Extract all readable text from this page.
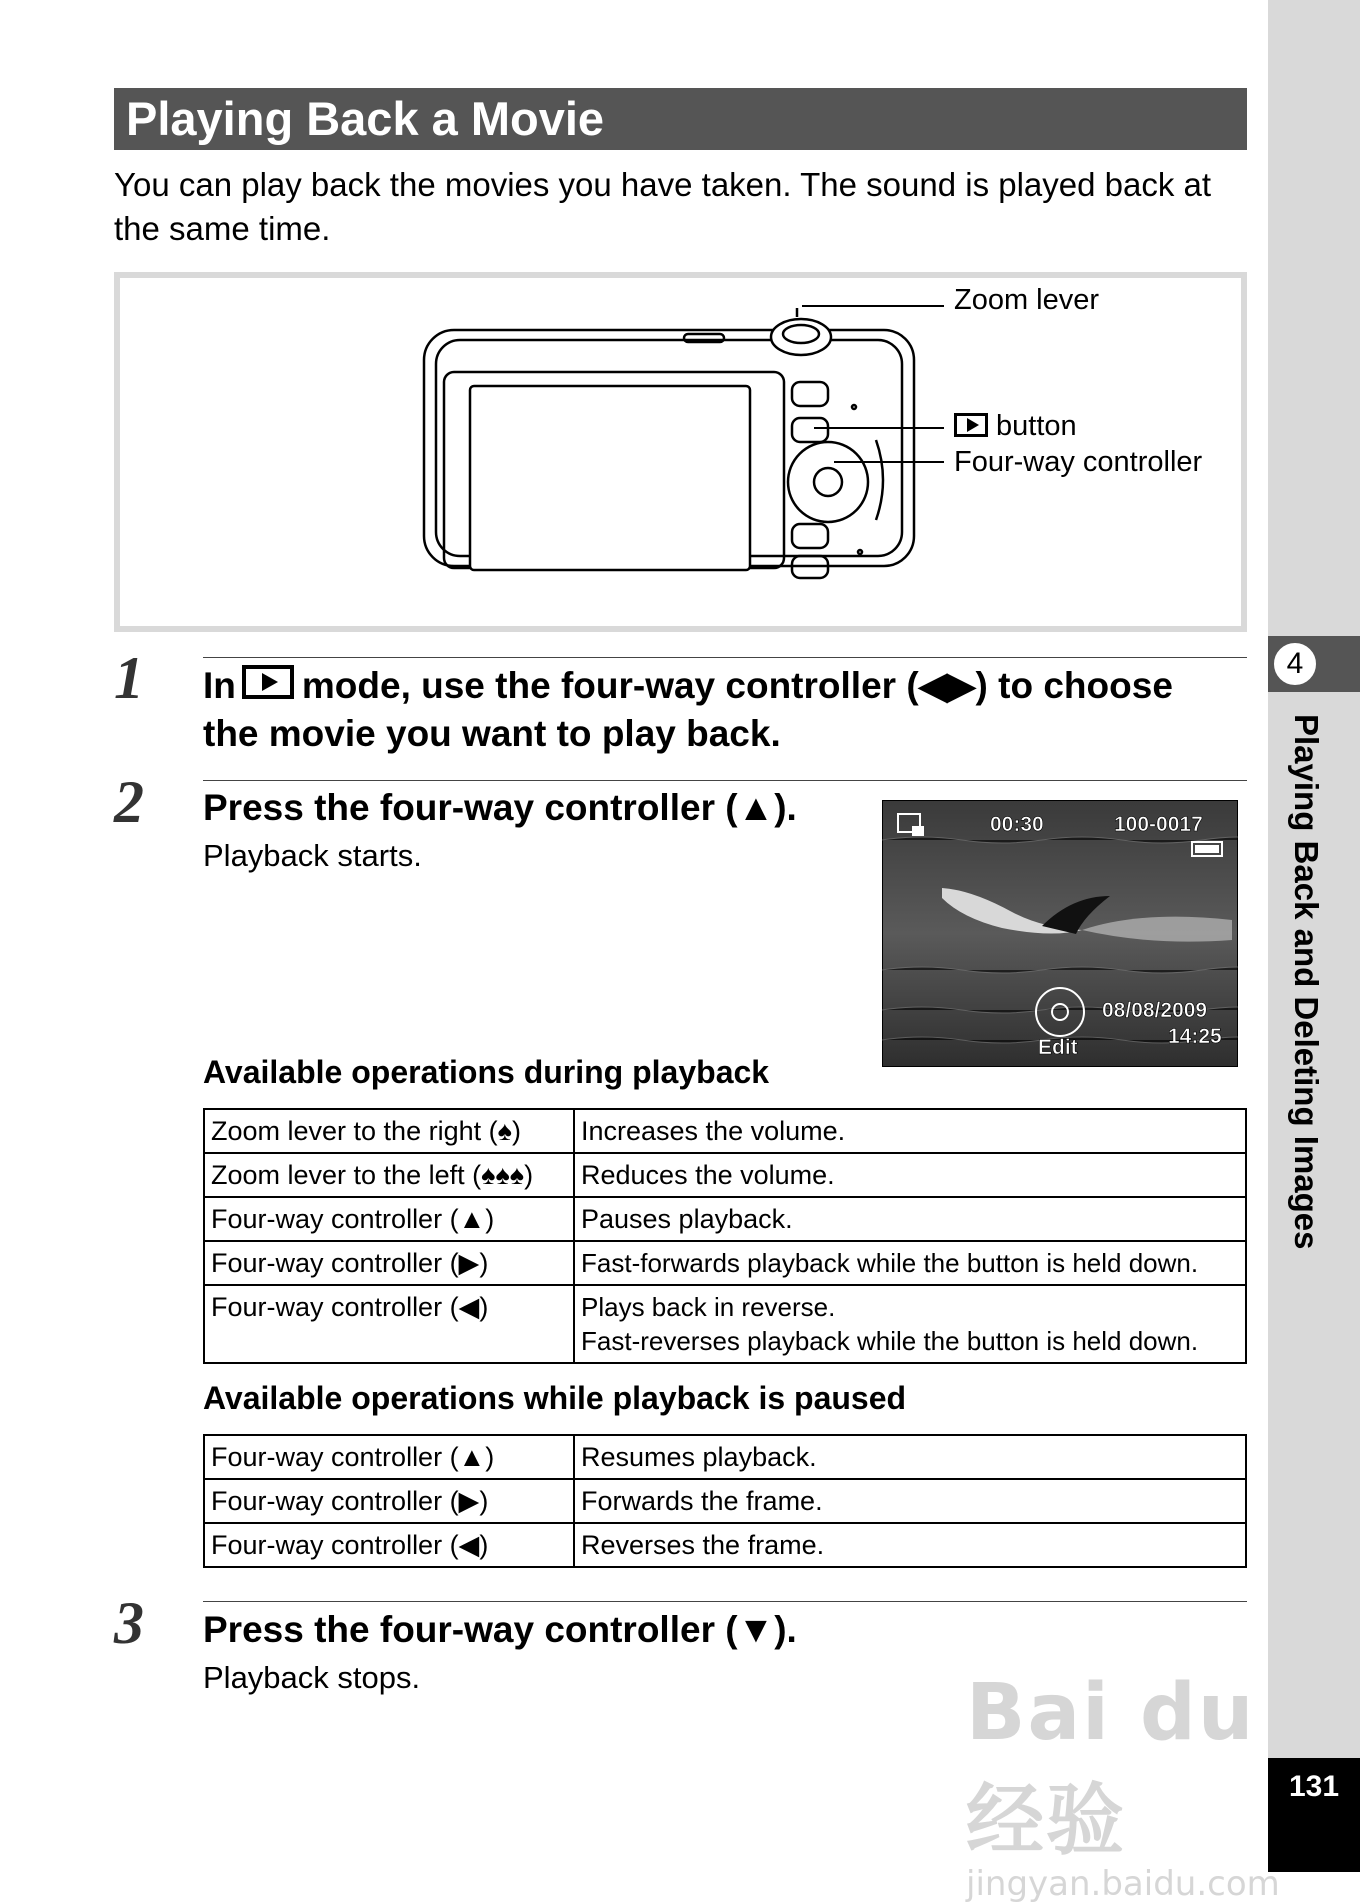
4
Playing Back and Deleting Images
131
Playing Back a Movie
You can play back the movies you have taken. The sound is played back at the same time.
Zoom lever
button
Four-way controller
1 In mode, use the four-way controller (◀▶) to choose the movie you want to play back.
2 Press the four-way controller (▲).
Playback starts.
00:30	100-0017
08/08/2009
14:25
Edit
Available operations during playback
Zoom lever to the right (♠)	Increases the volume.
Zoom lever to the left (♠♠♠)	Reduces the volume.
Four-way controller (▲)	Pauses playback.
Four-way controller (▶)	Fast-forwards playback while the button is held down.
Four-way controller (◀)	Plays back in reverse.
Fast-reverses playback while the button is held down.
Available operations while playback is paused
Four-way controller (▲)	Resumes playback.
Four-way controller (▶)	Forwards the frame.
Four-way controller (◀)	Reverses the frame.
3 Press the four-way controller (▼).
Playback stops.	Bai du 经验
jingyan.baidu.com
